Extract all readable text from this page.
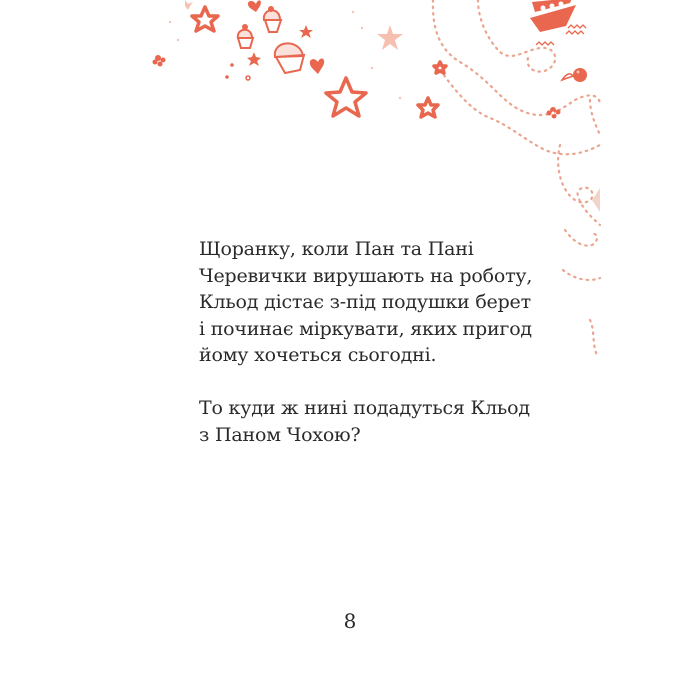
Щоранку, коли Пан та Пані
Черевички вирушають на роботу,
Кльод дістає з-під подушки берет
і починає міркувати, яких пригод
йому хочеться сьогодні.

То куди ж нині подадуться Кльод
з Паном Чохою?

8
